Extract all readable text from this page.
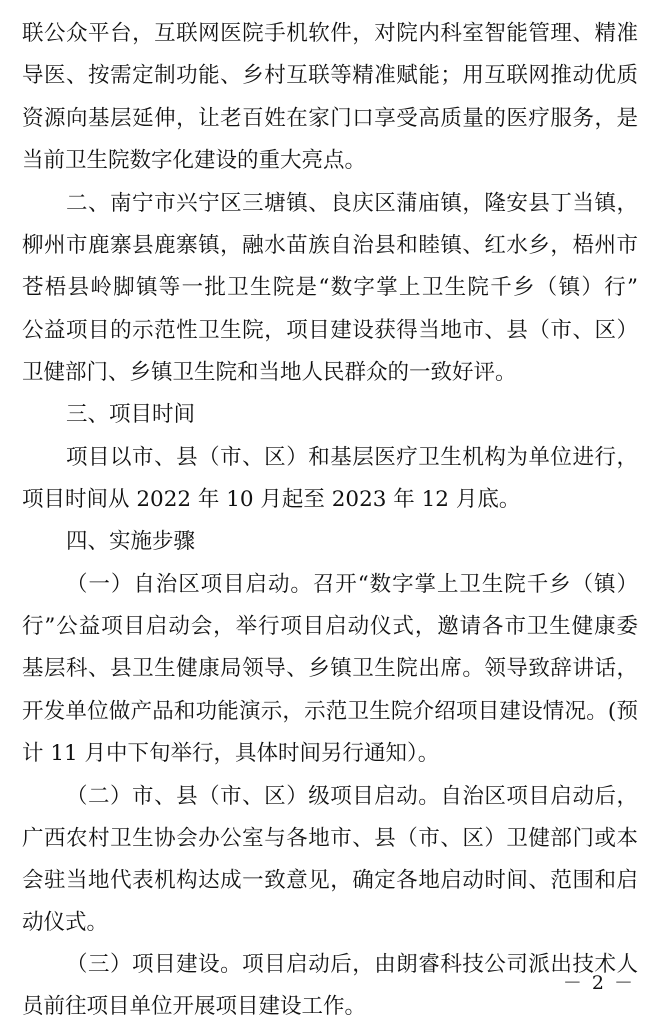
联公众平台，互联网医院手机软件，对院内科室智能管理、精准
导医、按需定制功能、乡村互联等精准赋能；用互联网推动优质
资源向基层延伸，让老百姓在家门口享受高质量的医疗服务，是
当前卫生院数字化建设的重大亮点。
二、南宁市兴宁区三塘镇、良庆区蒲庙镇，隆安县丁当镇，
柳州市鹿寨县鹿寨镇，融水苗族自治县和睦镇、红水乡，梧州市
苍梧县岭脚镇等一批卫生院是“数字掌上卫生院千乡（镇）行”
公益项目的示范性卫生院，项目建设获得当地市、县（市、区）
卫健部门、乡镇卫生院和当地人民群众的一致好评。
三、项目时间
项目以市、县（市、区）和基层医疗卫生机构为单位进行，
项目时间从 2022 年 10 月起至 2023 年 12 月底。
四、实施步骤
（一）自治区项目启动。召开“数字掌上卫生院千乡（镇）
行”公益项目启动会，举行项目启动仪式，邀请各市卫生健康委
基层科、县卫生健康局领导、乡镇卫生院出席。领导致辞讲话，
开发单位做产品和功能演示，示范卫生院介绍项目建设情况。(预
计 11 月中下旬举行，具体时间另行通知）。
（二）市、县（市、区）级项目启动。自治区项目启动后，
广西农村卫生协会办公室与各地市、县（市、区）卫健部门或本
会驻当地代表机构达成一致意见，确定各地启动时间、范围和启
动仪式。
（三）项目建设。项目启动后，由朗睿科技公司派出技术人
员前往项目单位开展项目建设工作。
－ 2 －
